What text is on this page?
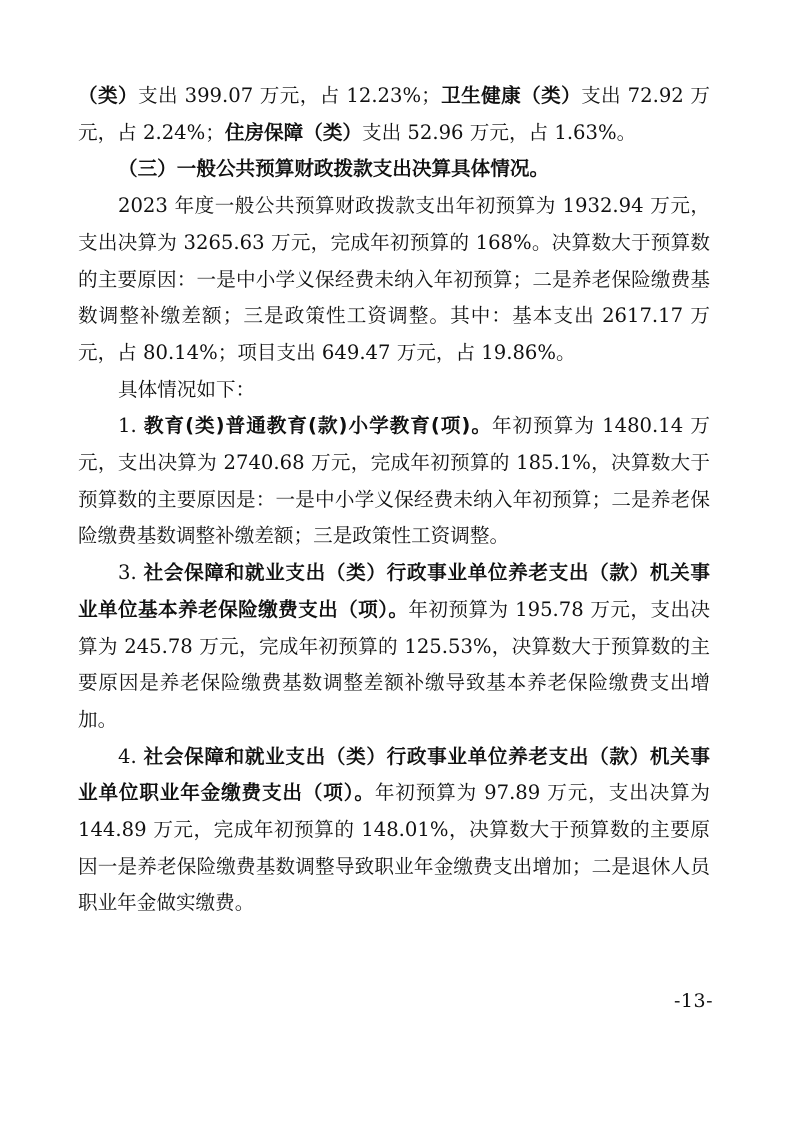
（类）支出 399.07 万元，占 12.23%；卫生健康（类）支出 72.92 万元，占 2.24%；住房保障（类）支出 52.96 万元，占 1.63%。

（三）一般公共预算财政拨款支出决算具体情况。

2023 年度一般公共预算财政拨款支出年初预算为 1932.94 万元，支出决算为 3265.63 万元，完成年初预算的 168%。决算数大于预算数的主要原因：一是中小学义保经费未纳入年初预算；二是养老保险缴费基数调整补缴差额；三是政策性工资调整。其中：基本支出 2617.17 万元，占 80.14%；项目支出 649.47 万元，占 19.86%。

具体情况如下：

1. 教育(类)普通教育(款)小学教育(项)。年初预算为 1480.14 万元，支出决算为 2740.68 万元，完成年初预算的 185.1%，决算数大于预算数的主要原因是：一是中小学义保经费未纳入年初预算；二是养老保险缴费基数调整补缴差额；三是政策性工资调整。

3. 社会保障和就业支出（类）行政事业单位养老支出（款）机关事业单位基本养老保险缴费支出（项）。年初预算为 195.78 万元，支出决算为 245.78 万元，完成年初预算的 125.53%，决算数大于预算数的主要原因是养老保险缴费基数调整差额补缴导致基本养老保险缴费支出增加。

4. 社会保障和就业支出（类）行政事业单位养老支出（款）机关事业单位职业年金缴费支出（项）。年初预算为 97.89 万元，支出决算为 144.89 万元，完成年初预算的 148.01%，决算数大于预算数的主要原因一是养老保险缴费基数调整导致职业年金缴费支出增加；二是退休人员职业年金做实缴费。

-13-
